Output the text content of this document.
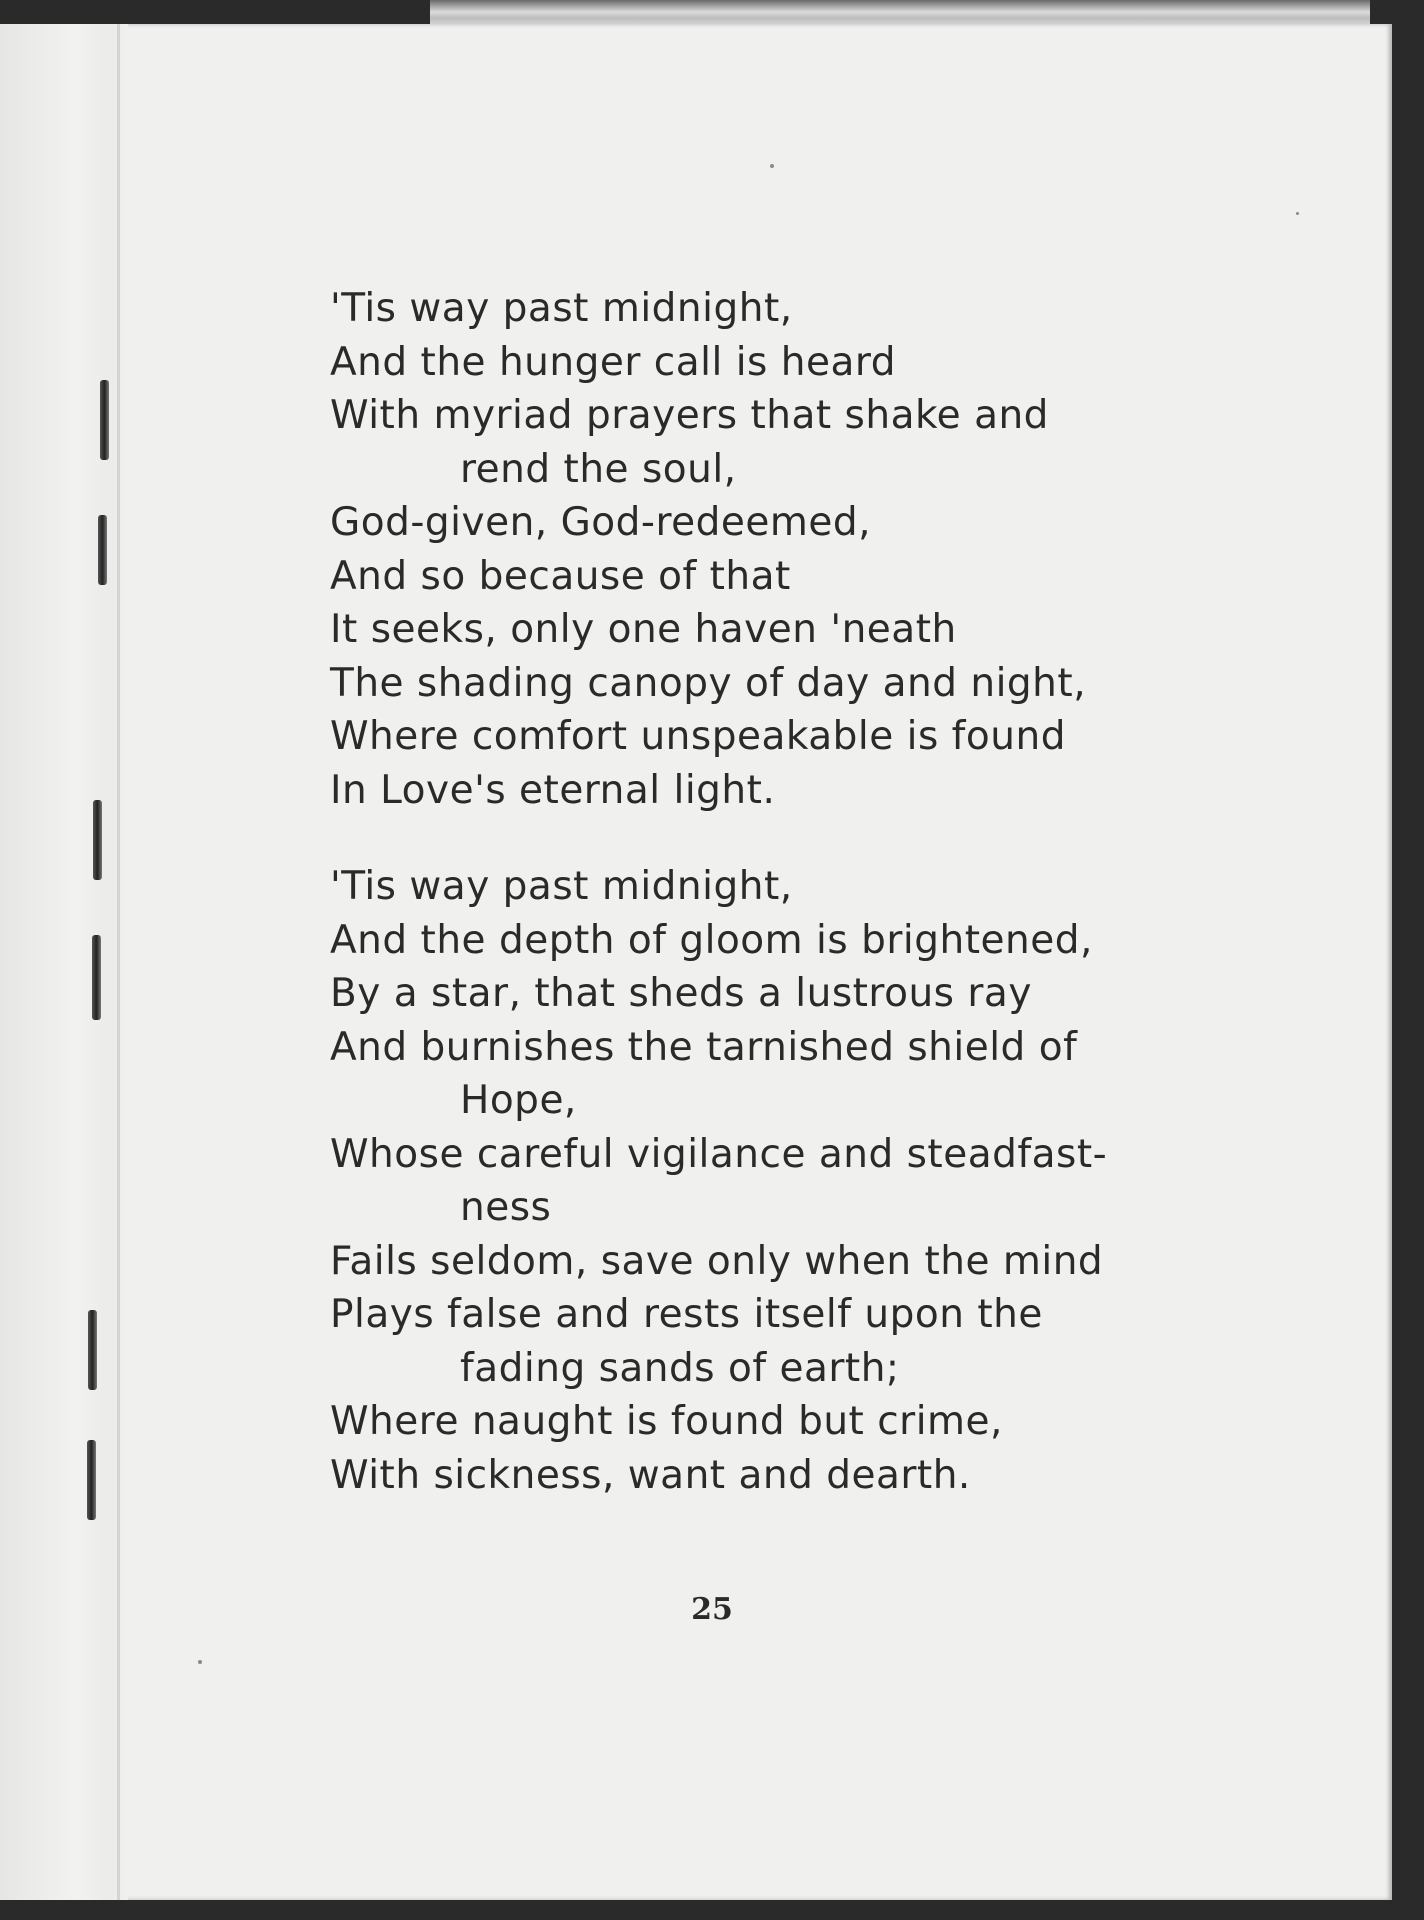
'Tis way past midnight,
And the hunger call is heard
With myriad prayers that shake and
rend the soul,
God-given, God-redeemed,
And so because of that
It seeks, only one haven 'neath
The shading canopy of day and night,
Where comfort unspeakable is found
In Love's eternal light.
'Tis way past midnight,
And the depth of gloom is brightened,
By a star, that sheds a lustrous ray
And burnishes the tarnished shield of
Hope,
Whose careful vigilance and steadfast-
ness
Fails seldom, save only when the mind
Plays false and rests itself upon the
fading sands of earth;
Where naught is found but crime,
With sickness, want and dearth.
25
